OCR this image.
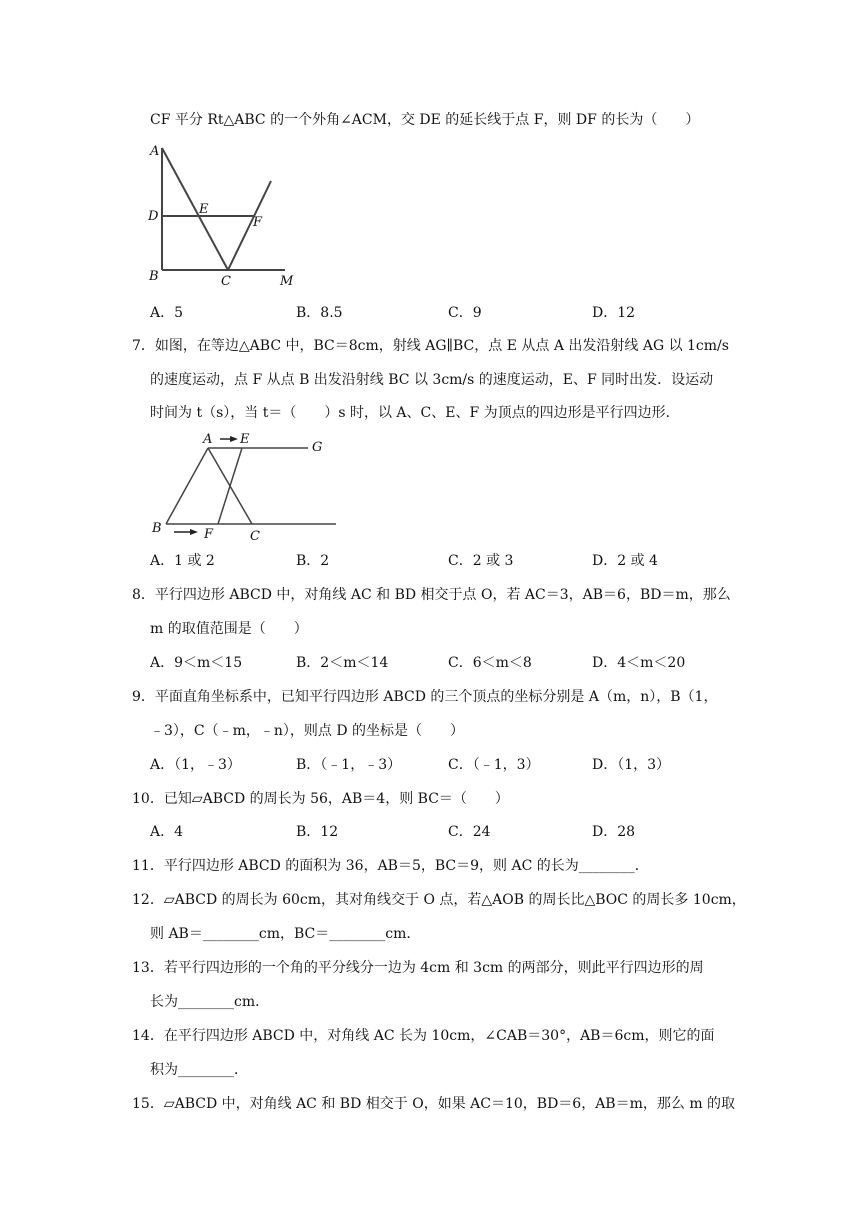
CF 平分 Rt△ABC 的一个外角∠ACM，交 DE 的延长线于点 F，则 DF 的长为（　　）
A
D	E
F
B	C	M
A．5	B．8.5	C．9	D．12
7．如图，在等边△ABC 中，BC＝8cm，射线 AG∥BC，点 E 从点 A 出发沿射线 AG 以 1cm/s
的速度运动，点 F 从点 B 出发沿射线 BC 以 3cm/s 的速度运动，E、F 同时出发．设运动
时间为 t（s），当 t＝（　　）s 时，以 A、C、E、F 为顶点的四边形是平行四边形．
A E
G
B	F	C
A．1 或 2	B．2	C．2 或 3	D．2 或 4
8．平行四边形 ABCD 中，对角线 AC 和 BD 相交于点 O，若 AC＝3，AB＝6，BD＝m，那么
m 的取值范围是（　　）
A．9＜m＜15	B．2＜m＜14	C．6＜m＜8	D．4＜m＜20
9．平面直角坐标系中，已知平行四边形 ABCD 的三个顶点的坐标分别是 A（m，n），B（1，
﹣3），C（﹣m，﹣n），则点 D 的坐标是（　　）
A．（1，﹣3）	B．（﹣1，﹣3）	C．（﹣1，3）	D．（1，3）
10．已知▱ABCD 的周长为 56，AB＝4，则 BC＝（　　）
A．4	B．12	C．24	D．28
11．平行四边形 ABCD 的面积为 36，AB＝5，BC＝9，则 AC 的长为________．
12．▱ABCD 的周长为 60cm，其对角线交于 O 点，若△AOB 的周长比△BOC 的周长多 10cm，
则 AB＝________cm，BC＝________cm．
13．若平行四边形的一个角的平分线分一边为 4cm 和 3cm 的两部分，则此平行四边形的周
长为________cm．
14．在平行四边形 ABCD 中，对角线 AC 长为 10cm，∠CAB＝30°，AB＝6cm，则它的面
积为________．
15．▱ABCD 中，对角线 AC 和 BD 相交于 O，如果 AC＝10，BD＝6，AB＝m，那么 m 的取
